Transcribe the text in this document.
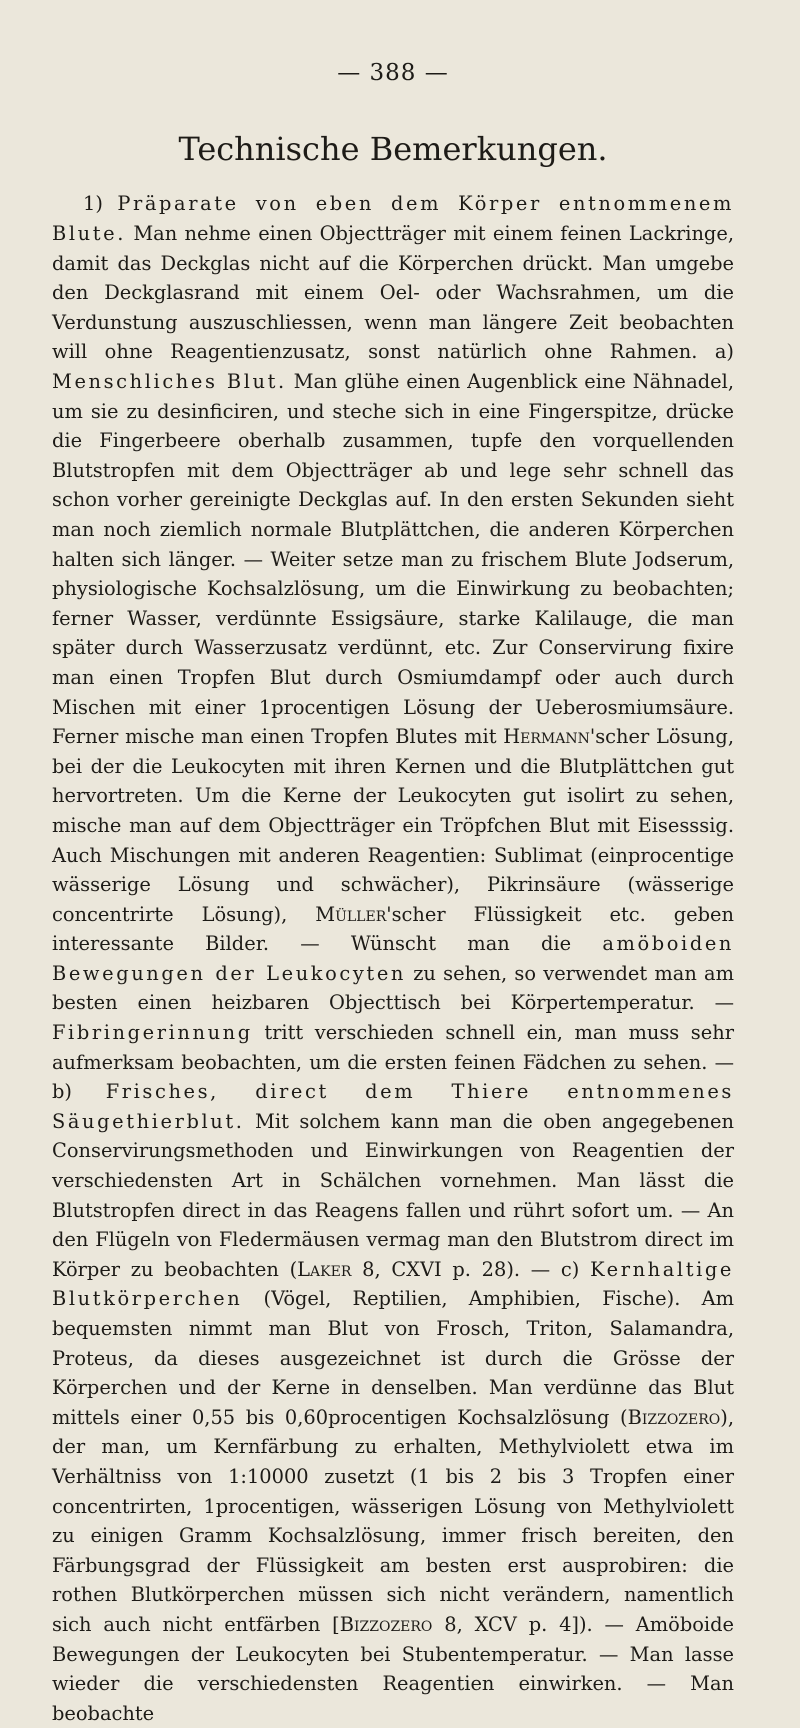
— 388 —
Technische Bemerkungen.

1) Präparate von eben dem Körper entnommenem Blute. Man nehme einen Objectträger mit einem feinen Lackringe, damit das Deckglas nicht auf die Körperchen drückt. Man umgebe den Deckglasrand mit einem Oel- oder Wachsrahmen, um die Verdunstung auszuschliessen, wenn man längere Zeit beobachten will ohne Reagentienzusatz, sonst natürlich ohne Rahmen. a) Menschliches Blut. Man glühe einen Augenblick eine Nähnadel, um sie zu desinficiren, und steche sich in eine Fingerspitze, drücke die Fingerbeere oberhalb zusammen, tupfe den vorquellenden Blutstropfen mit dem Objectträger ab und lege sehr schnell das schon vorher gereinigte Deckglas auf. In den ersten Sekunden sieht man noch ziemlich normale Blutplättchen, die anderen Körperchen halten sich länger. — Weiter setze man zu frischem Blute Jodserum, physiologische Kochsalzlösung, um die Einwirkung zu beobachten; ferner Wasser, verdünnte Essigsäure, starke Kalilauge, die man später durch Wasserzusatz verdünnt, etc. Zur Conservirung fixire man einen Tropfen Blut durch Osmiumdampf oder auch durch Mischen mit einer 1procentigen Lösung der Ueberosmiumsäure. Ferner mische man einen Tropfen Blutes mit Hermann'scher Lösung, bei der die Leukocyten mit ihren Kernen und die Blutplättchen gut hervortreten. Um die Kerne der Leukocyten gut isolirt zu sehen, mische man auf dem Objectträger ein Tröpfchen Blut mit Eisesssig. Auch Mischungen mit anderen Reagentien: Sublimat (einprocentige wässerige Lösung und schwächer), Pikrinsäure (wässerige concentrirte Lösung), Müller'scher Flüssigkeit etc. geben interessante Bilder. — Wünscht man die amöboiden Bewegungen der Leukocyten zu sehen, so verwendet man am besten einen heizbaren Objecttisch bei Körpertemperatur. — Fibringerinnung tritt verschieden schnell ein, man muss sehr aufmerksam beobachten, um die ersten feinen Fädchen zu sehen. —b) Frisches, direct dem Thiere entnommenes Säugethierblut. Mit solchem kann man die oben angegebenen Conservirungsmethoden und Einwirkungen von Reagentien der verschiedensten Art in Schälchen vornehmen. Man lässt die Blutstropfen direct in das Reagens fallen und rührt sofort um. — An den Flügeln von Fledermäusen vermag man den Blutstrom direct im Körper zu beobachten (Laker 8, CXVI p. 28). — c) Kernhaltige Blutkörperchen (Vögel, Reptilien, Amphibien, Fische). Am bequemsten nimmt man Blut von Frosch, Triton, Salamandra, Proteus, da dieses ausgezeichnet ist durch die Grösse der Körperchen und der Kerne in denselben. Man verdünne das Blut mittels einer 0,55 bis 0,60procentigen Kochsalzlösung (Bizzozero), der man, um Kernfärbung zu erhalten, Methylviolett etwa im Verhältniss von 1:10000 zusetzt (1 bis 2 bis 3 Tropfen einer concentrirten, 1procentigen, wässerigen Lösung von Methylviolett zu einigen Gramm Kochsalzlösung, immer frisch bereiten, den Färbungsgrad der Flüssigkeit am besten erst ausprobiren: die rothen Blutkörperchen müssen sich nicht verändern, namentlich sich auch nicht entfärben [Bizzozero 8, XCV p. 4]). — Amöboide Bewegungen der Leukocyten bei Stubentemperatur. — Man lasse wieder die verschiedensten Reagentien einwirken. — Man beobachte
